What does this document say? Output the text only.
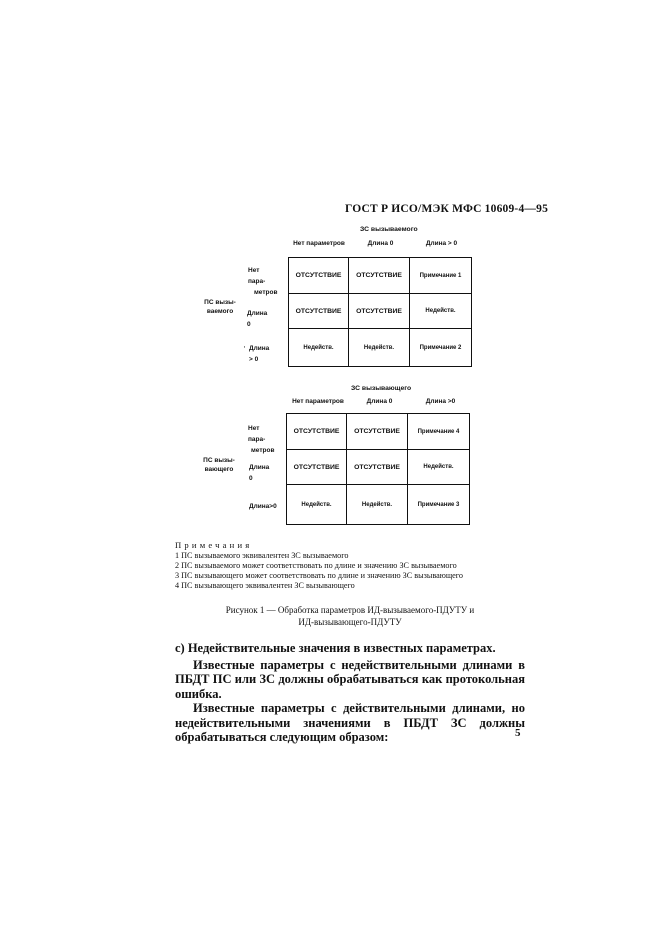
ГОСТ Р ИСО/МЭК МФС 10609-4—95
ЗС вызываемого
Нет параметров	Длина 0	Длина > 0
ПС вызы-
ваемого
Нет пара-
метров
Длина 0
Длина > 0
·
ОТСУТСТВИЕ	ОТСУТСТВИЕ	Примечание 1
ОТСУТСТВИЕ	ОТСУТСТВИЕ	Недейств.
Недейств.	Недейств.	Примечание 2
ЗС вызывающего
Нет параметров	Длина 0	Длина >0
ПС вызы-
вающего
Нет пара-
метров
Длина 0
Длина>0
ОТСУТСТВИЕ	ОТСУТСТВИЕ	Примечание 4
ОТСУТСТВИЕ	ОТСУТСТВИЕ	Недейств.
Недейств.	Недейств.	Примечание 3
Примечания
1 ПС вызываемого эквивалентен ЗС вызываемого
2 ПС вызываемого может соответствовать по длине и значению ЗС вызываемого
3 ПС вызывающего может соответствовать по длине и значению ЗС вызывающего
4 ПС вызывающего эквивалентен ЗС вызывающего
Рисунок 1 — Обработка параметров ИД-вызываемого-ПДУТУ и
ИД-вызывающего-ПДУТУ

с) Недействительные значения в известных параметрах.

Известные параметры с недействительными длинами в ПБДТ ПС или ЗС должны обрабатываться как протокольная ошибка.

Известные параметры с действительными длинами, но недействительными значениями в ПБДТ ЗС должны обрабатываться следующим образом:	5
